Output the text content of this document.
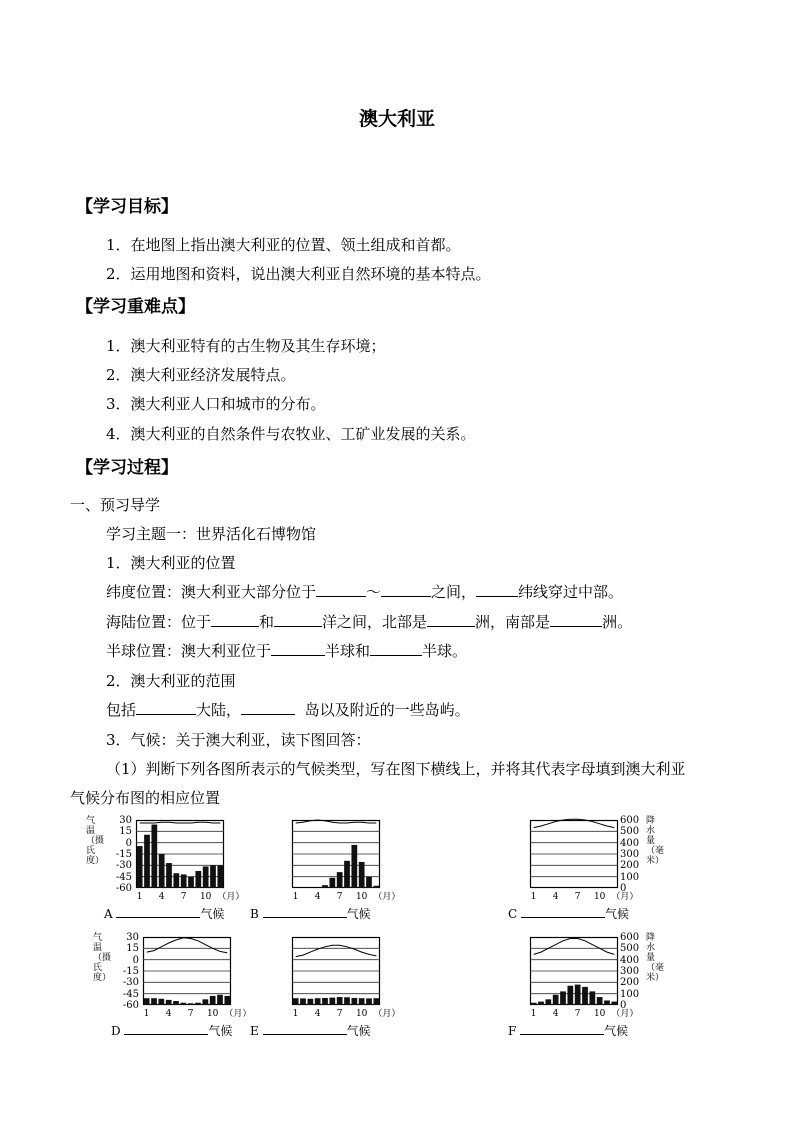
澳大利亚
【学习目标】
1．在地图上指出澳大利亚的位置、领土组成和首都。
2．运用地图和资料，说出澳大利亚自然环境的基本特点。
【学习重难点】
1．澳大利亚特有的古生物及其生存环境；
2．澳大利亚经济发展特点。
3．澳大利亚人口和城市的分布。
4．澳大利亚的自然条件与农牧业、工矿业发展的关系。
【学习过程】
一、预习导学
学习主题一：世界活化石博物馆
1．澳大利亚的位置
纬度位置：澳大利亚大部分位于	～	之间，	纬线穿过中部。
海陆位置：位于	和	洋之间，北部是	洲，南部是	洲。
半球位置：澳大利亚位于	半球和	半球。
2．澳大利亚的范围
包括	大陆，	岛以及附近的一些岛屿。
3．气候：关于澳大利亚，读下图回答：
（1）判断下列各图所表示的气候类型，写在图下横线上，并将其代表字母填到澳大利亚
气候分布图的相应位置
1 4 7 10 （月）
气温（摄氏度）
30
15
0
-15
-30
-45
-60
A	气候
1 4 7 10 （月）
B	气候
1 4 7 10 （月）
600
500
400
300
200
100
0
降水量（毫米）
C	气候
1 4 7 10 （月）
气温（摄氏度）
30
15
0
-15
-30
-45
-60
D	气候
1 4 7 10 （月）
E	气候
1 4 7 10 （月）
600
500
400
300
200
100
0
降水量（毫米）
F	气候
